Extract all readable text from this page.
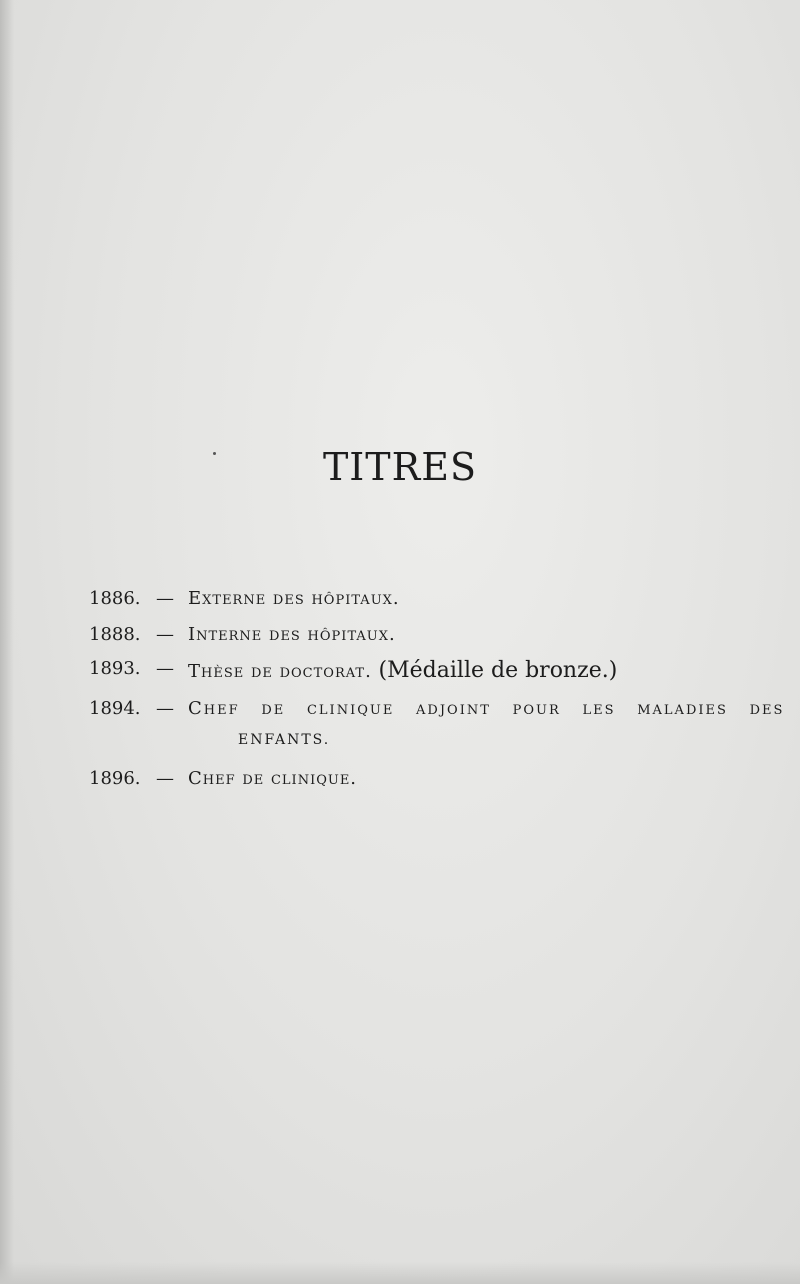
TITRES
1886. — Externe des hôpitaux.
1888. — Interne des hôpitaux.
1893. — Thèse de doctorat. (Médaille de bronze.)
1894. — Chef de clinique adjoint pour les maladies des
ENFANTS.
1896. — Chef de clinique.
